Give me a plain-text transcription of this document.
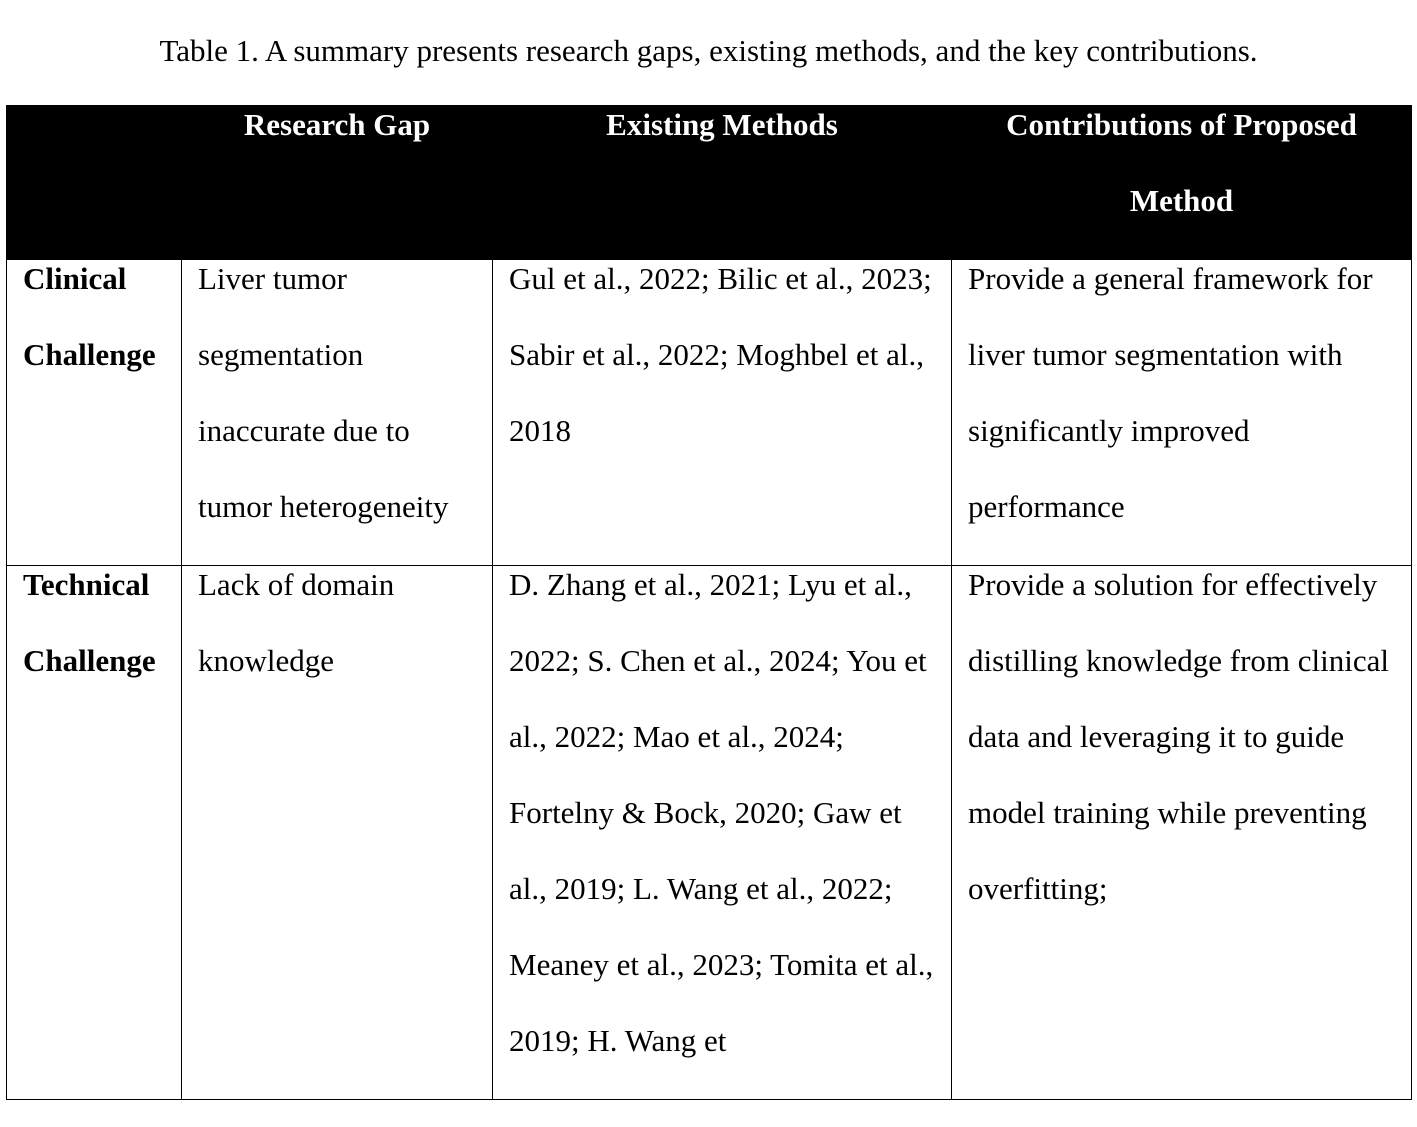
Table 1. A summary presents research gaps, existing methods, and the key contributions.

	Research Gap	Existing Methods	Contributions of Proposed Method

Clinical
Challenge	Liver tumor segmentation inaccurate due to tumor heterogeneity	Gul et al., 2022; Bilic et al., 2023; Sabir et al., 2022; Moghbel et al., 2018	Provide a general framework for liver tumor segmentation with significantly improved performance

Technical
Challenge	Lack of domain knowledge	D. Zhang et al., 2021; Lyu et al., 2022; S. Chen et al., 2024; You et al., 2022; Mao et al., 2024; Fortelny & Bock, 2020; Gaw et al., 2019; L. Wang et al., 2022; Meaney et al., 2023; Tomita et al., 2019; H. Wang et	Provide a solution for effectively distilling knowledge from clinical data and leveraging it to guide model training while preventing overfitting;
